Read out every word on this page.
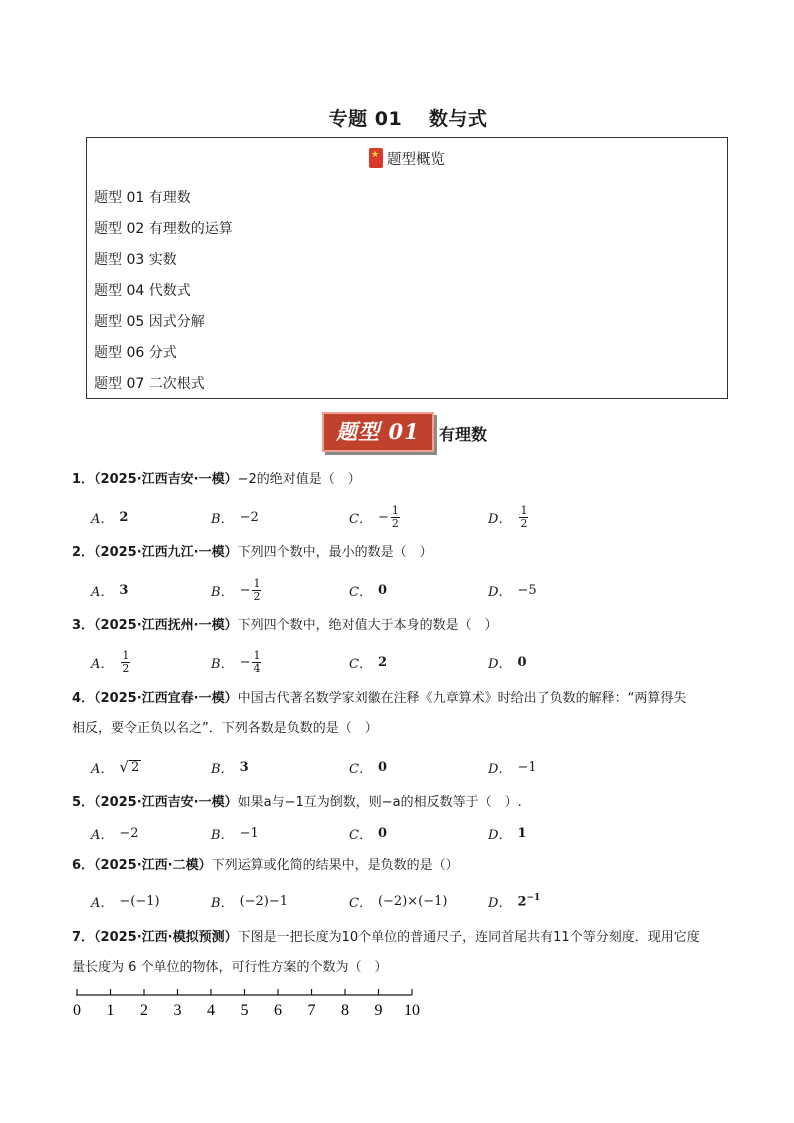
专题 01　 数与式
★题型概览
题型 01 有理数
题型 02 有理数的运算
题型 03 实数
题型 04 代数式
题型 05 因式分解
题型 06 分式
题型 07 二次根式
题型 01	有理数
1．（2025·江西吉安·一模）−2的绝对值是（　）
A． 2	B． −2	C． − $\frac{1}{2}$	D． $\frac{1}{2}$
2．（2025·江西九江·一模）下列四个数中，最小的数是（　）
A． 3	B． − $\frac{1}{2}$	C． 0	D． −5
3．（2025·江西抚州·一模）下列四个数中，绝对值大于本身的数是（　）
A． $\frac{1}{2}$	B． − $\frac{1}{4}$	C． 2	D． 0
4．（2025·江西宜春·一模）中国古代著名数学家刘徽在注释《九章算术》时给出了负数的解释：“两算得失
相反，要令正负以名之”．下列各数是负数的是（　）
A． √ 2	B． 3	C． 0	D． −1
5．（2025·江西吉安·一模）如果a与−1互为倒数，则−a的相反数等于（　）.
A． −2	B． −1	C． 0	D． 1
6．（2025·江西·二模）下列运算或化简的结果中，是负数的是（）
A． −(−1)	B． (−2)−1	C． (−2)×(−1)	D． $2^{-1}$
7．（2025·江西·模拟预测）下图是一把长度为10个单位的普通尺子，连同首尾共有11个等分刻度．现用它度
量长度为 6 个单位的物体，可行性方案的个数为（　）
0 1 2 3 4 5 6 7 8 9 10
